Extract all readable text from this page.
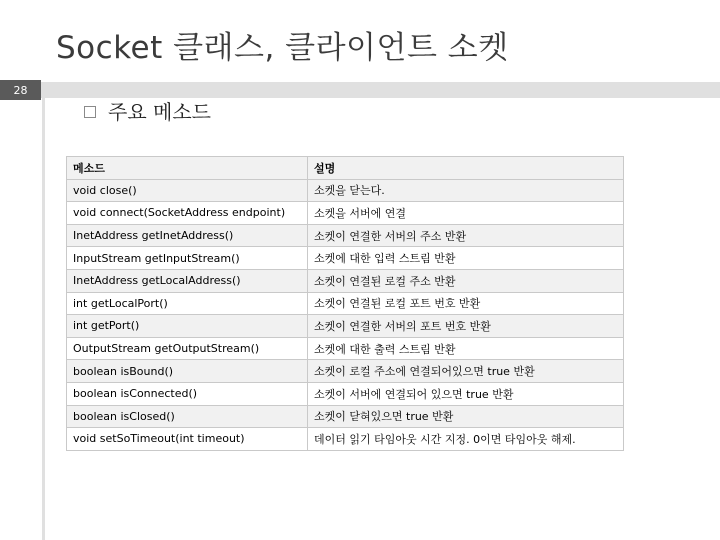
Socket 클래스, 클라이언트 소켓
28
주요 메소드
메소드	설명
void close()	소켓을 닫는다.
void connect(SocketAddress endpoint)	소켓을 서버에 연결
InetAddress getInetAddress()	소켓이 연결한 서버의 주소 반환
InputStream getInputStream()	소켓에 대한 입력 스트림 반환
InetAddress getLocalAddress()	소켓이 연결된 로컬 주소 반환
int getLocalPort()	소켓이 연결된 로컬 포트 번호 반환
int getPort()	소켓이 연결한 서버의 포트 번호 반환
OutputStream getOutputStream()	소켓에 대한 출력 스트림 반환
boolean isBound()	소켓이 로컬 주소에 연결되어있으면 true 반환
boolean isConnected()	소켓이 서버에 연결되어 있으면 true 반환
boolean isClosed()	소켓이 닫혀있으면 true 반환
void setSoTimeout(int timeout)	데이터 읽기 타임아웃 시간 지정. 0이면 타임아웃 해제.
